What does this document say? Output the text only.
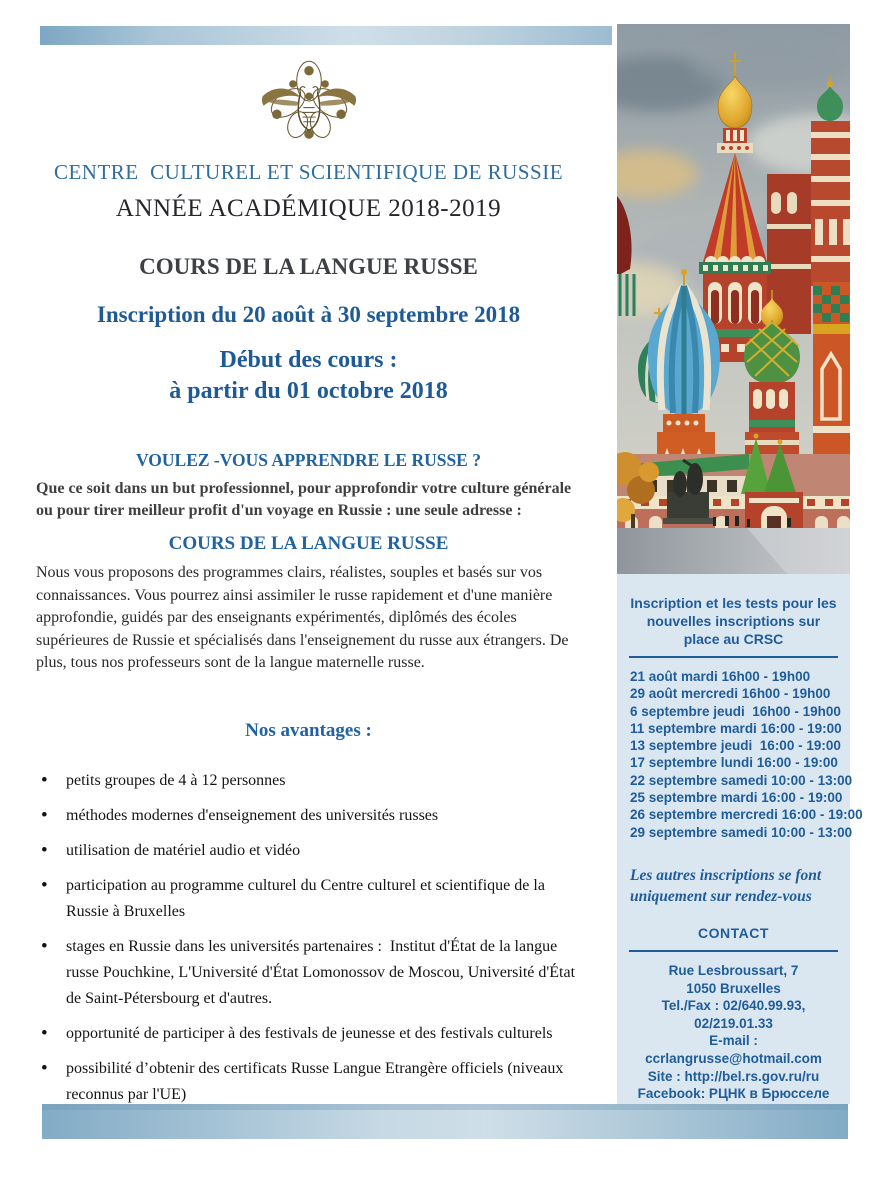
CENTRE  CULTUREL ET SCIENTIFIQUE DE RUSSIE
ANNÉE ACADÉMIQUE 2018-2019
COURS DE LA LANGUE RUSSE
Inscription du 20 août à 30 septembre 2018
Début des cours :
à partir du 01 octobre 2018
VOULEZ -VOUS APPRENDRE LE RUSSE ?

Que ce soit dans un but professionnel, pour approfondir votre culture générale ou pour tirer meilleur profit d'un voyage en Russie : une seule adresse :

COURS DE LA LANGUE RUSSE

Nous vous proposons des programmes clairs, réalistes, souples et basés sur vos connaissances. Vous pourrez ainsi assimiler le russe rapidement et d'une manière approfondie, guidés par des enseignants expérimentés, diplômés des écoles supérieures de Russie et spécialisés dans l'enseignement du russe aux étrangers. De plus, tous nos professeurs sont de la langue maternelle russe.

Nos avantages :
• petits groupes de 4 à 12 personnes
• méthodes modernes d'enseignement des universités russes
• utilisation de matériel audio et vidéo
• participation au programme culturel du Centre culturel et scientifique de la Russie à Bruxelles
• stages en Russie dans les universités partenaires :  Institut d'État de la langue russe Pouchkine, L'Université d'État Lomonossov de Moscou, Université d'État de Saint-Pétersbourg et d'autres.
• opportunité de participer à des festivals de jeunesse et des festivals culturels
• possibilité d’obtenir des certificats Russe Langue Etrangère officiels (niveaux reconnus par l'UE)
Inscription et les tests pour les nouvelles inscriptions sur place au CRSC
21 août mardi 16h00 - 19h00
29 août mercredi 16h00 - 19h00
6 septembre jeudi  16h00 - 19h00
11 septembre mardi 16:00 - 19:00
13 septembre jeudi  16:00 - 19:00
17 septembre lundi 16:00 - 19:00
22 septembre samedi 10:00 - 13:00
25 septembre mardi 16:00 - 19:00
26 septembre mercredi 16:00 - 19:00
29 septembre samedi 10:00 - 13:00
Les autres inscriptions se font uniquement sur rendez-vous
CONTACT
Rue Lesbroussart, 7
1050 Bruxelles
Tel./Fax : 02/640.99.93,
02/219.01.33
E-mail : ccrlangrusse@hotmail.com
Site : http://bel.rs.gov.ru/ru
Facebook: РЦНК в Брюсселе
